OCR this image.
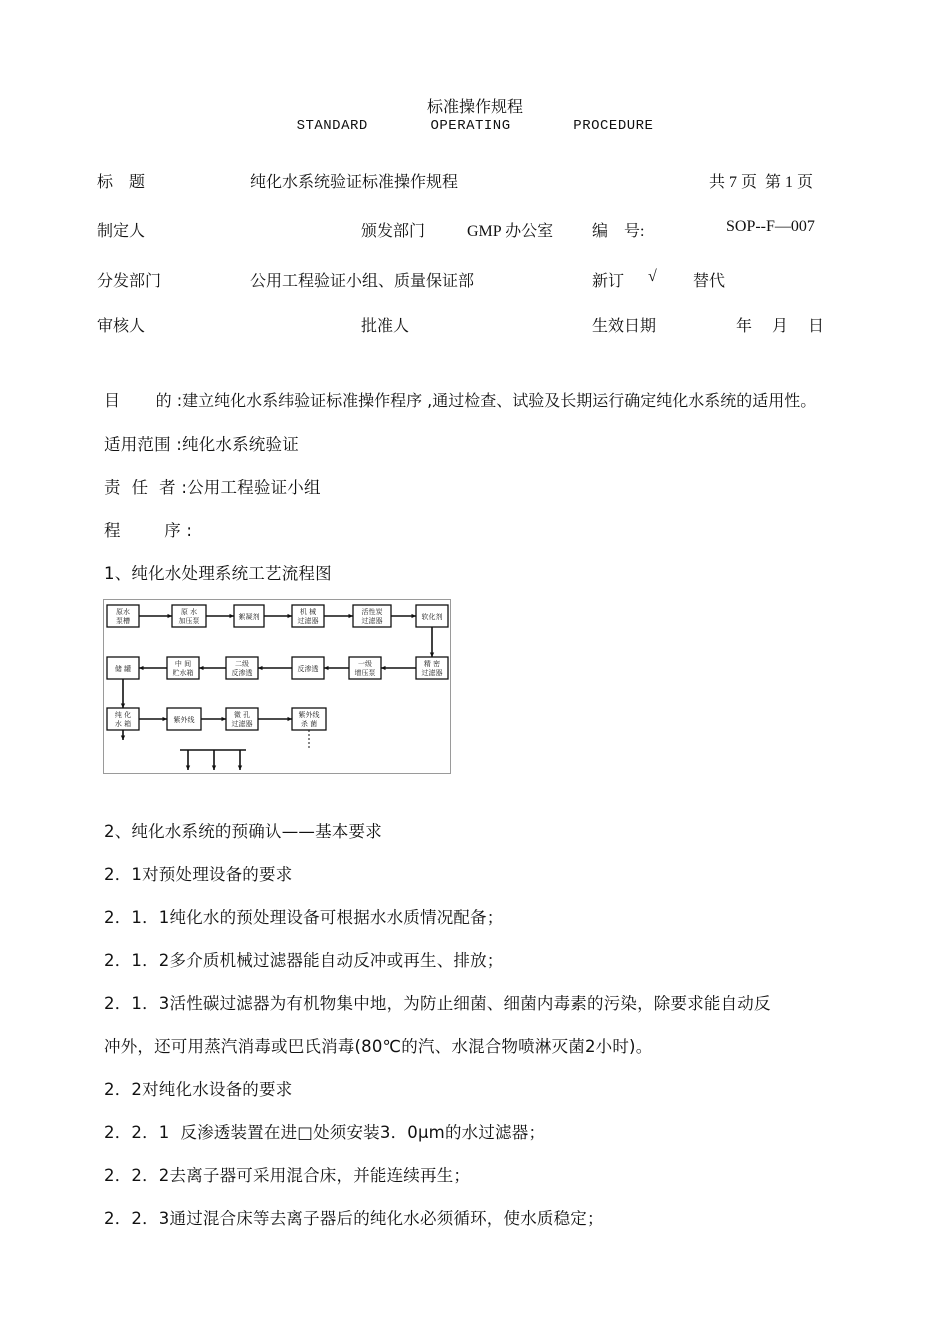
标准操作规程
STANDARD   OPERATING   PROCEDURE
标    题	纯化水系统验证标准操作规程	共 7 页  第 1 页
制定人	颁发部门	GMP 办公室 编    号:	SOP--F—007
分发部门	公用工程验证小组、质量保证部	新订 √ 替代
审核人	批准人	生效日期	年     月     日
目       的 :建立纯化水系纬验证标准操作程序 ,通过检查、试验及长期运行确定纯化水系统的适用性。
适用范围 :纯化水系统验证
责  任  者 :公用工程验证小组
程        序 :
1、纯化水处理系统工艺流程图
原水
泵槽
原 水
加压泵	絮凝剂
机 械
过滤器
活性炭
过滤器	软化剂
精 密
过滤器
一级
增压泵
反渗透
二级
反渗透
中 间
贮水箱
储 罐
纯 化
水 箱	紫外线
微 孔
过滤器
紫外线
杀 菌
2、纯化水系统的预确认——基本要求
2．1对预处理设备的要求
2．1．1纯化水的预处理设备可根据水水质情况配备；
2．1．2多介质机械过滤器能自动反冲或再生、排放；
2．1．3活性碳过滤器为有机物集中地，为防止细菌、细菌内毒素的污染，除要求能自动反
冲外，还可用蒸汽消毒或巴氏消毒(80℃的汽、水混合物喷淋灭菌2小时)。
2．2对纯化水设备的要求
2．2．1  反渗透装置在进□处须安装3．0μm的水过滤器；
2．2．2去离子器可采用混合床，并能连续再生；
2．2．3通过混合床等去离子器后的纯化水必须循环，使水质稳定；
